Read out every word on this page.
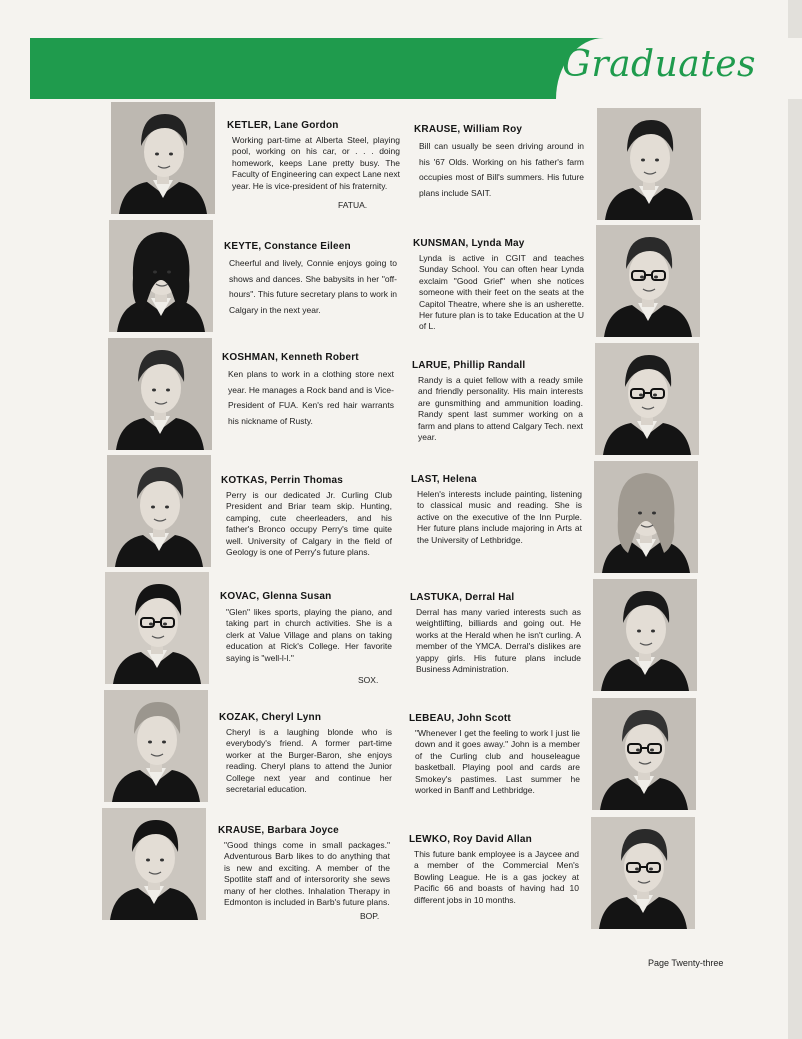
Graduates
KETLER, Lane Gordon
Working part-time at Alberta Steel, playing pool, working on his car, or . . . doing homework, keeps Lane pretty busy. The Faculty of Engineering can expect Lane next year. He is vice-president of his fraternity.
FATUA.
KEYTE, Constance Eileen
Cheerful and lively, Connie enjoys going to shows and dances. She babysits in her "off-hours". This future secretary plans to work in Calgary in the next year.
KOSHMAN, Kenneth Robert
Ken plans to work in a clothing store next year. He manages a Rock band and is Vice-President of FUA. Ken's red hair warrants his nickname of Rusty.
KOTKAS, Perrin Thomas
Perry is our dedicated Jr. Curling Club President and Briar team skip. Hunting, camping, cute cheerleaders, and his father's Bronco occupy Perry's time quite well. University of Calgary in the field of Geology is one of Perry's future plans.
KOVAC, Glenna Susan
"Glen" likes sports, playing the piano, and taking part in church activities. She is a clerk at Value Village and plans on taking education at Rick's College. Her favorite saying is "well-l-l."
SOX.
KOZAK, Cheryl Lynn
Cheryl is a laughing blonde who is everybody's friend. A former part-time worker at the Burger-Baron, she enjoys reading. Cheryl plans to attend the Junior College next year and continue her secretarial education.
KRAUSE, Barbara Joyce
"Good things come in small packages." Adventurous Barb likes to do anything that is new and exciting. A member of the Spotlite staff and of intersorority she sews many of her clothes. Inhalation Therapy in Edmonton is included in Barb's future plans.
BOP.
KRAUSE, William Roy
Bill can usually be seen driving around in his '67 Olds. Working on his father's farm occupies most of Bill's summers. His future plans include SAIT.
KUNSMAN, Lynda May
Lynda is active in CGIT and teaches Sunday School. You can often hear Lynda exclaim "Good Grief" when she notices someone with their feet on the seats at the Capitol Theatre, where she is an usherette. Her future plan is to take Education at the U of L.
LARUE, Phillip Randall
Randy is a quiet fellow with a ready smile and friendly personality. His main interests are gunsmithing and ammunition loading. Randy spent last summer working on a farm and plans to attend Calgary Tech. next year.
LAST, Helena
Helen's interests include painting, listening to classical music and reading. She is active on the executive of the Inn Purple. Her future plans include majoring in Arts at the University of Lethbridge.
LASTUKA, Derral Hal
Derral has many varied interests such as weightlifting, billiards and going out. He works at the Herald when he isn't curling. A member of the YMCA. Derral's dislikes are yappy girls. His future plans include Business Administration.
LEBEAU, John Scott
"Whenever I get the feeling to work I just lie down and it goes away." John is a member of the Curling club and houseleague basketball. Playing pool and cards are Smokey's pastimes. Last summer he worked in Banff and Lethbridge.
LEWKO, Roy David Allan
This future bank employee is a Jaycee and a member of the Commercial Men's Bowling League. He is a gas jockey at Pacific 66 and boasts of having had 10 different jobs in 10 months.
Page Twenty-three
